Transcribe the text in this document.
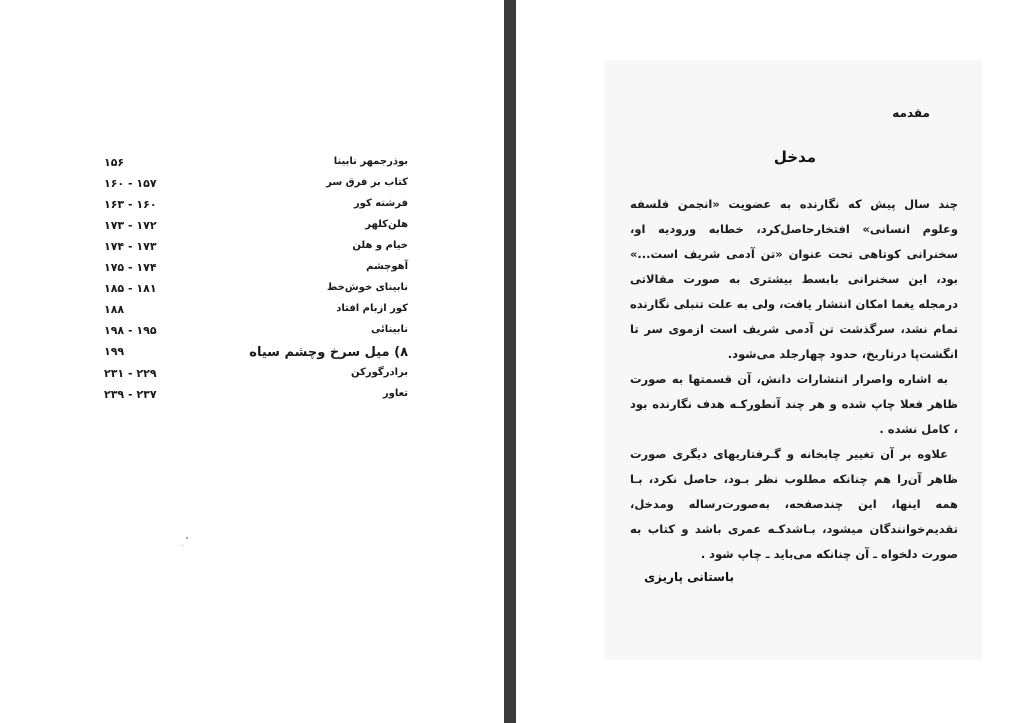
بوذرجمهر نابینا
۱۵۶
کتاب بر فرق سر
۱۵۷ - ۱۶۰
فرشته کور
۱۶۰ - ۱۶۳
هلن‌کلهر
۱۷۲ - ۱۷۳
خیام و هلن
۱۷۳ - ۱۷۴
آهوچشم
۱۷۴ - ۱۷۵
نابینای خوش‌خط
۱۸۱ - ۱۸۵
کور ازبام افتاد
۱۸۸
نابینائی
۱۹۵ - ۱۹۸
۸) میل سرخ وچشم سیاه
۱۹۹
برادرگورکن
۲۲۹ - ۲۳۱
تعاور
۲۳۷ - ۲۳۹
مقدمه
مدخل

چند سال پیش که نگارنده به عضویت «انجمن فلسفه وعلوم انسانی» افتخارحاصل‌کرد، خطابه ورودیه او، سخنرانی کوتاهی تحت عنوان «تن آدمی شریف است...» بود، این سخنرانی بابسط بیشتری به صورت مقالاتی درمجله یغما امکان انتشار یافت، ولی به علت تنبلی نگارنده تمام نشد، سرگذشت تن آدمی شریف است ازموی سر تا انگشت‌پا درتاریخ، حدود چهارجلد می‌شود.

به اشاره واصرار انتشارات دانش، آن قسمتها به صورت ظاهر فعلا چاپ شده و هر چند آنطورکـه هدف نگارنده بود ، کامل نشده .

علاوه بر آن تغییر چابخانه و گـرفتاریهای دیگری صورت ظاهر آن‌را هم چنانکه مطلوب نظر بـود، حاصل نکرد، بـا همه اینها، این چندصفحه، به‌صورت‌رساله ومدخل، تقدیم‌خوانندگان میشود، بـاشدکـه عمری باشد و کتاب به صورت دلخواه ـ آن چنانکه می‌باید ـ چاپ شود .

باستانی پاریزی
